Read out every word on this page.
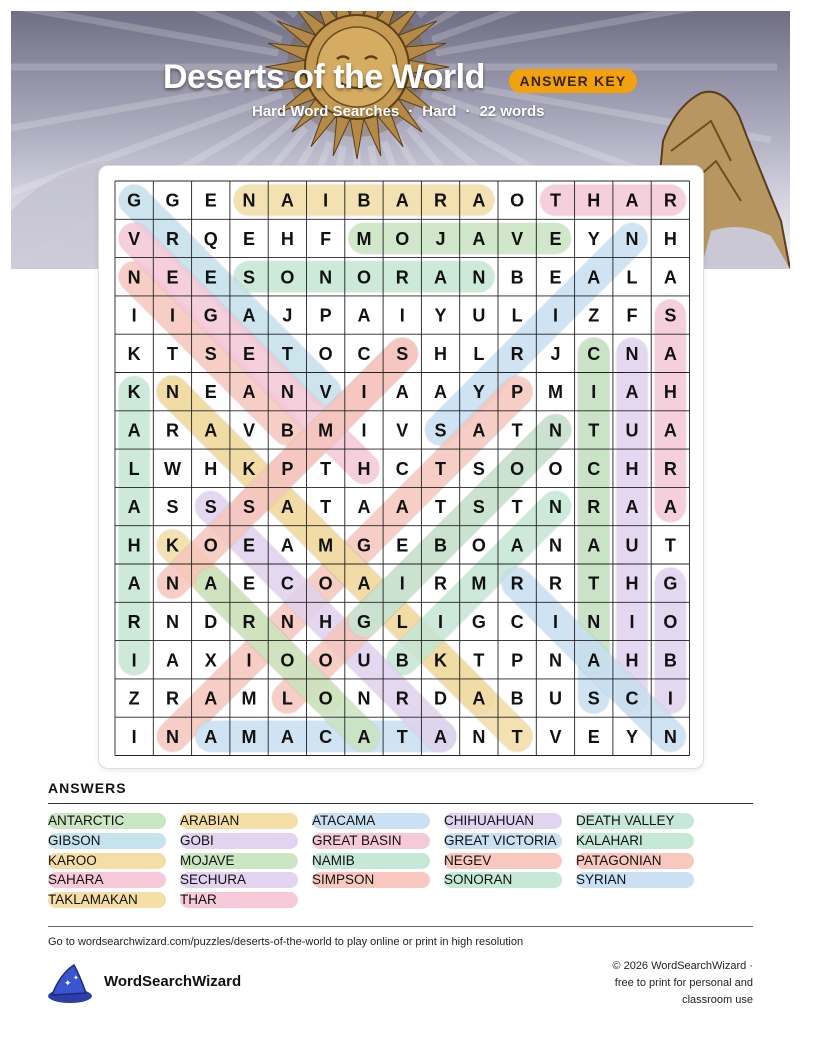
Deserts of the World	ANSWER KEY
Hard Word Searches · Hard · 22 words
G G E N A I B A R A O T H A R
V R Q E H F M O J A V E Y N H
N E E S O N O R A N B E A L A
I I G A J P A I Y U L I Z F S
K T S E T O C S H L R J C N A
K N E A N V I A A Y P M I A H
A R A V B M I V S A T N T U A
L W H K P T H C T S O O C H R
A S S S A T A A T S T N R A A
H K O E A M G E B O A N A U T
A N A E C O A I R M R R T H G
R N D R N H G L I G C I N I O
I A X I O O U B K T P N A H B
Z R A M L O N R D A B U S C I
I N A M A C A T A N T V E Y N
ANSWERS
ANTARCTIC	ARABIAN	ATACAMA	CHIHUAHUAN	DEATH VALLEY
GIBSON	GOBI	GREAT BASIN	GREAT VICTORIA	KALAHARI
KAROO	MOJAVE	NAMIB	NEGEV	PATAGONIAN
SAHARA	SECHURA	SIMPSON	SONORAN	SYRIAN
TAKLAMAKAN	THAR
Go to wordsearchwizard.com/puzzles/deserts-of-the-world to play online or print in high resolution
✦
✦ WordSearchWizard
© 2026 WordSearchWizard ·
free to print for personal and
classroom use
